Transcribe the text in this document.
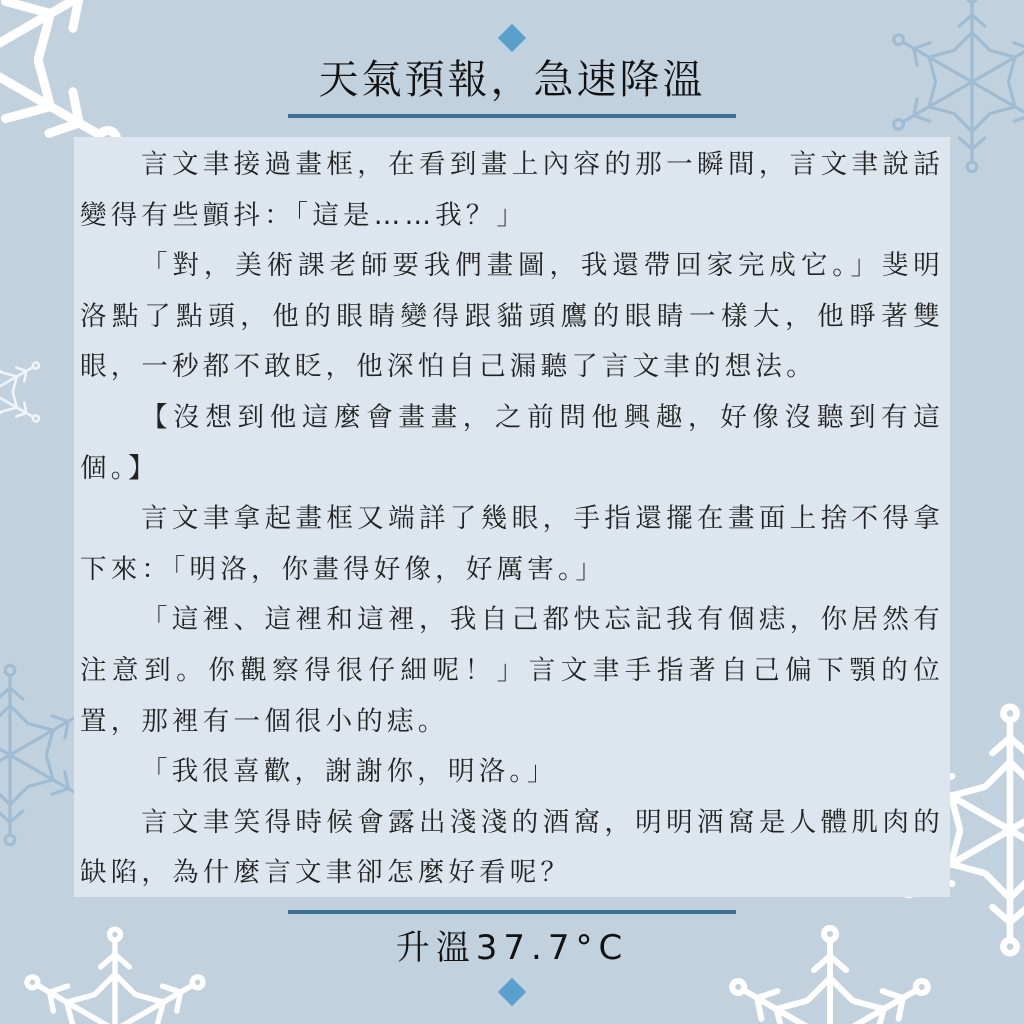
天氣預報，急速降溫

言文聿接過畫框，在看到畫上內容的那一瞬間，言文聿說話變得有些顫抖：「這是……我？」

「對，美術課老師要我們畫圖，我還帶回家完成它。」斐明洛點了點頭，他的眼睛變得跟貓頭鷹的眼睛一樣大，他睜著雙眼，一秒都不敢眨，他深怕自己漏聽了言文聿的想法。

【沒想到他這麼會畫畫，之前問他興趣，好像沒聽到有這個。】

言文聿拿起畫框又端詳了幾眼，手指還擺在畫面上捨不得拿下來：「明洛，你畫得好像，好厲害。」

「這裡、這裡和這裡，我自己都快忘記我有個痣，你居然有注意到。你觀察得很仔細呢！」言文聿手指著自己偏下顎的位置，那裡有一個很小的痣。

「我很喜歡，謝謝你，明洛。」

言文聿笑得時候會露出淺淺的酒窩，明明酒窩是人體肌肉的缺陷，為什麼言文聿卻怎麼好看呢？

升溫37.7°C
